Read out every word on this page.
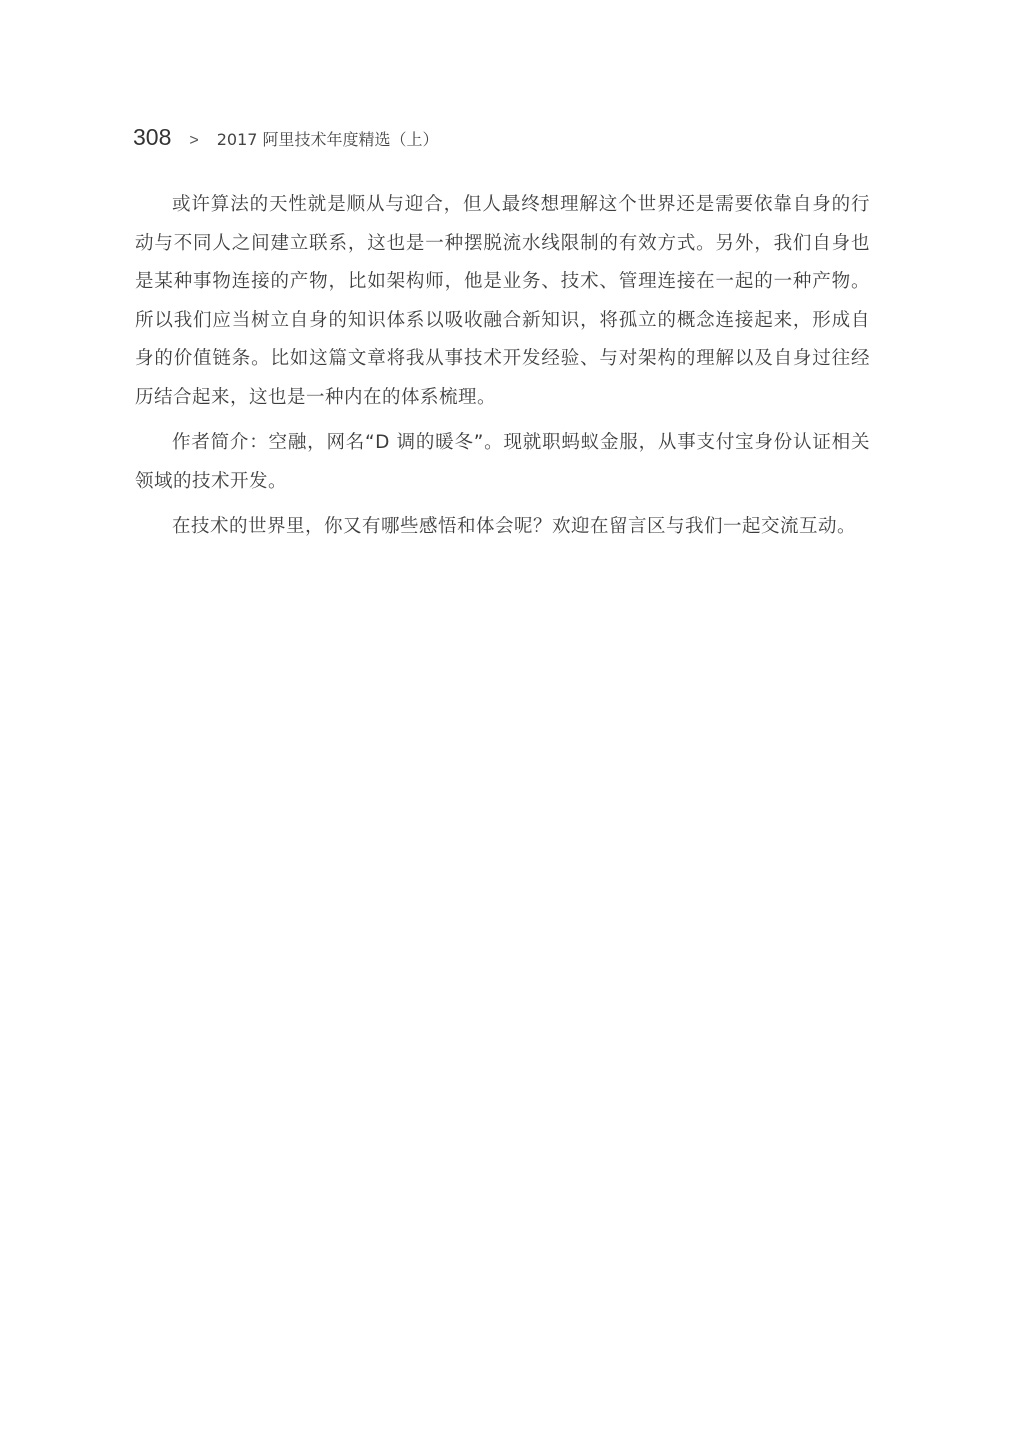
308 > 2017 阿里技术年度精选（上）

或许算法的天性就是顺从与迎合，但人最终想理解这个世界还是需要依靠自身的行动与不同人之间建立联系，这也是一种摆脱流水线限制的有效方式。另外，我们自身也是某种事物连接的产物，比如架构师，他是业务、技术、管理连接在一起的一种产物。所以我们应当树立自身的知识体系以吸收融合新知识，将孤立的概念连接起来，形成自身的价值链条。比如这篇文章将我从事技术开发经验、与对架构的理解以及自身过往经历结合起来，这也是一种内在的体系梳理。

作者简介：空融，网名“D 调的暖冬”。现就职蚂蚁金服，从事支付宝身份认证相关领域的技术开发。

在技术的世界里，你又有哪些感悟和体会呢？欢迎在留言区与我们一起交流互动。
